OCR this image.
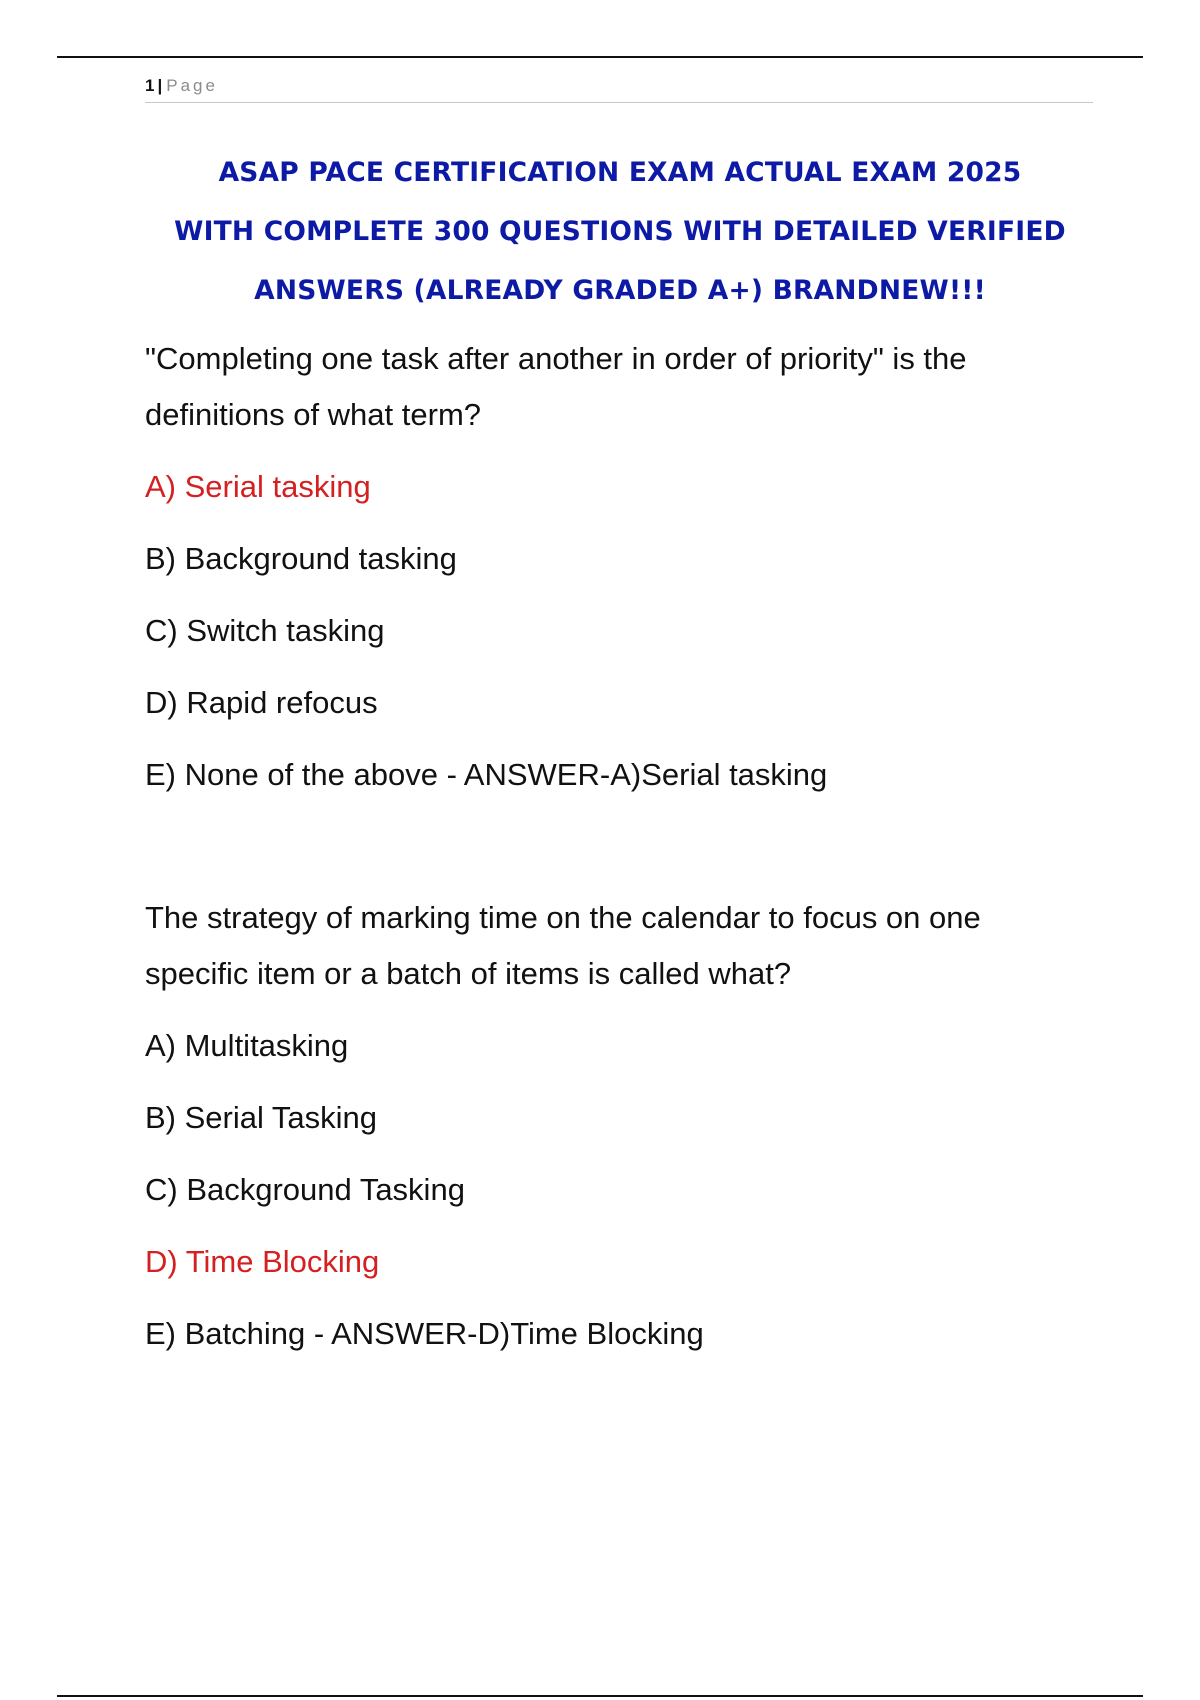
1 | Page
ASAP PACE CERTIFICATION EXAM ACTUAL EXAM 2025
WITH COMPLETE 300 QUESTIONS WITH DETAILED VERIFIED
ANSWERS (ALREADY GRADED A+) BRANDNEW!!!

"Completing one task after another in order of priority" is the

definitions of what term?

A) Serial tasking

B) Background tasking

C) Switch tasking

D) Rapid refocus

E) None of the above - ANSWER-A)Serial tasking

The strategy of marking time on the calendar to focus on one

specific item or a batch of items is called what?

A) Multitasking

B) Serial Tasking

C) Background Tasking

D) Time Blocking

E) Batching - ANSWER-D)Time Blocking
